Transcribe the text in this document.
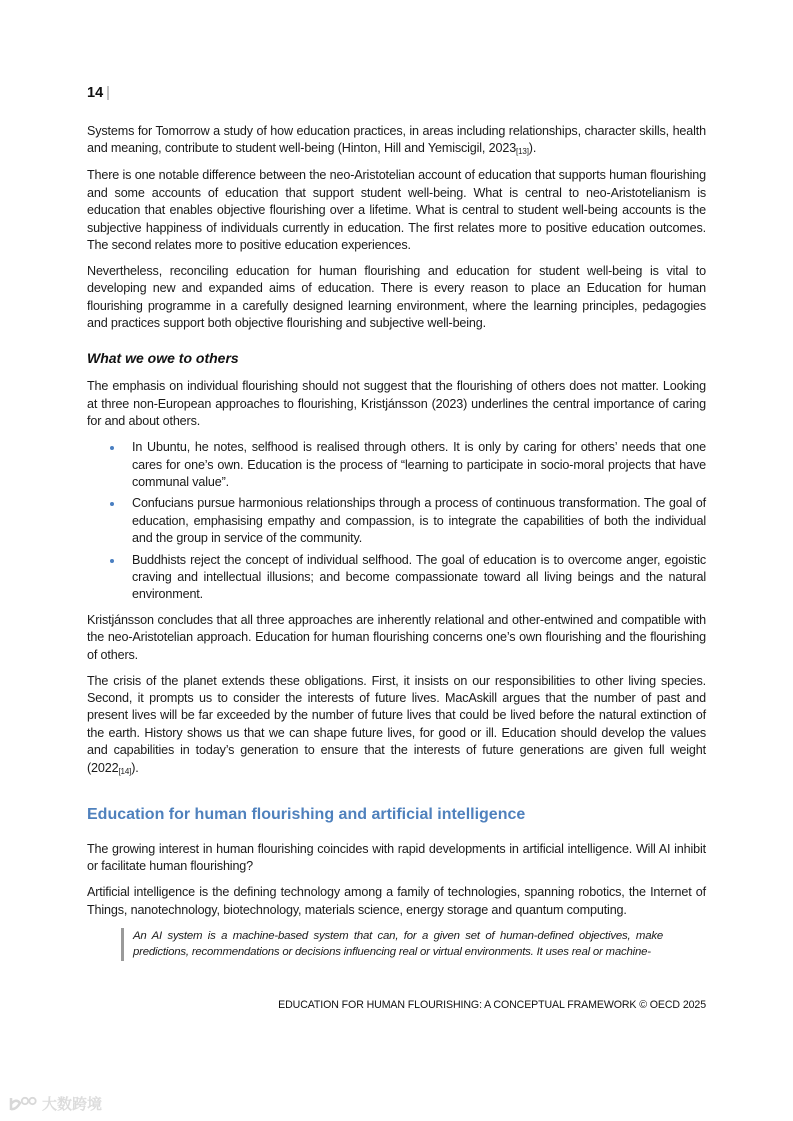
14 |

Systems for Tomorrow a study of how education practices, in areas including relationships, character skills, health and meaning, contribute to student well-being (Hinton, Hill and Yemiscigil, $2023_{[13]}$).

There is one notable difference between the neo-Aristotelian account of education that supports human flourishing and some accounts of education that support student well-being. What is central to neo-Aristotelianism is education that enables objective flourishing over a lifetime. What is central to student well-being accounts is the subjective happiness of individuals currently in education. The first relates more to positive education outcomes. The second relates more to positive education experiences.

Nevertheless, reconciling education for human flourishing and education for student well-being is vital to developing new and expanded aims of education. There is every reason to place an Education for human flourishing programme in a carefully designed learning environment, where the learning principles, pedagogies and practices support both objective flourishing and subjective well-being.

What we owe to others

The emphasis on individual flourishing should not suggest that the flourishing of others does not matter. Looking at three non-European approaches to flourishing, Kristjánsson (2023) underlines the central importance of caring for and about others.

In Ubuntu, he notes, selfhood is realised through others. It is only by caring for others’ needs that one cares for one’s own. Education is the process of “learning to participate in socio-moral projects that have communal value”.
Confucians pursue harmonious relationships through a process of continuous transformation. The goal of education, emphasising empathy and compassion, is to integrate the capabilities of both the individual and the group in service of the community.
Buddhists reject the concept of individual selfhood. The goal of education is to overcome anger, egoistic craving and intellectual illusions; and become compassionate toward all living beings and the natural environment.

Kristjánsson concludes that all three approaches are inherently relational and other-entwined and compatible with the neo-Aristotelian approach. Education for human flourishing concerns one’s own flourishing and the flourishing of others.

The crisis of the planet extends these obligations. First, it insists on our responsibilities to other living species. Second, it prompts us to consider the interests of future lives. MacAskill argues that the number of past and present lives will be far exceeded by the number of future lives that could be lived before the natural extinction of the earth. History shows us that we can shape future lives, for good or ill. Education should develop the values and capabilities in today’s generation to ensure that the interests of future generations are given full weight $(2022_{[14]})$.

Education for human flourishing and artificial intelligence

The growing interest in human flourishing coincides with rapid developments in artificial intelligence. Will AI inhibit or facilitate human flourishing?

Artificial intelligence is the defining technology among a family of technologies, spanning robotics, the Internet of Things, nanotechnology, biotechnology, materials science, energy storage and quantum computing.

An AI system is a machine-based system that can, for a given set of human-defined objectives, make predictions, recommendations or decisions influencing real or virtual environments. It uses real or machine-
EDUCATION FOR HUMAN FLOURISHING: A CONCEPTUAL FRAMEWORK © OECD 2025
大数跨境
